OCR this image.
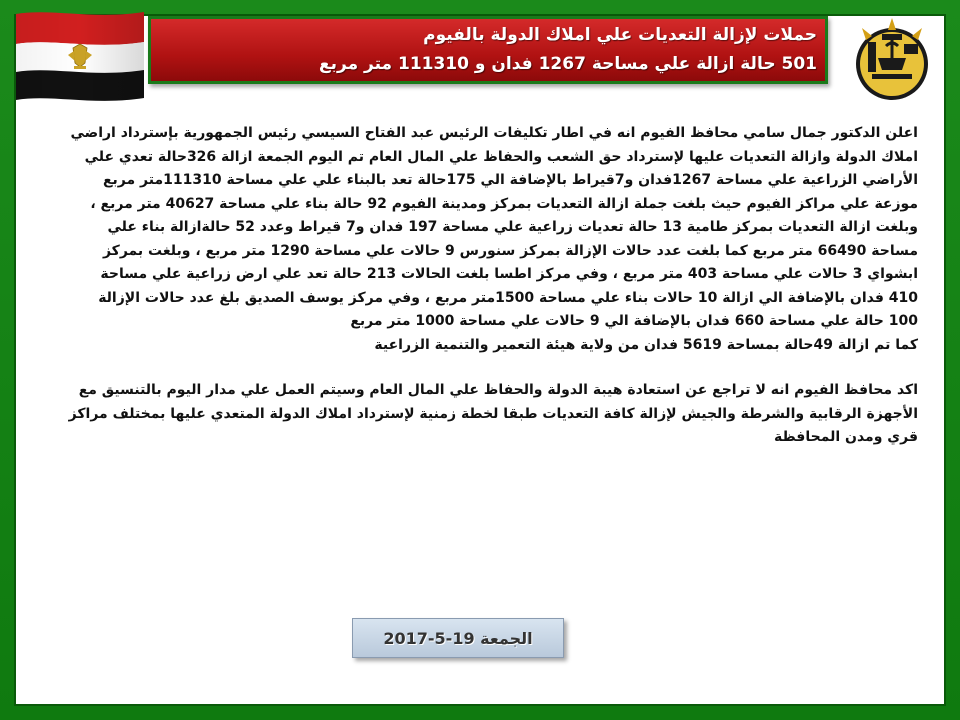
حملات لإزالة التعديات علي املاك الدولة بالفيوم
501 حالة ازالة علي مساحة 1267 فدان و 111310 متر مربع

اعلن الدكتور جمال سامي محافظ الفيوم انه في اطار تكليفات الرئيس عبد الفتاح السيسي رئيس الجمهورية بإسترداد اراضي

املاك الدولة وازالة التعديات عليها لإسترداد حق الشعب والحفاظ علي المال العام تم اليوم الجمعة ازالة 326حالة تعدي علي

الأراضي الزراعية علي مساحة 1267فدان و7قيراط بالإضافة الي 175حالة تعد بالبناء علي علي مساحة 111310متر مربع

موزعة علي مراكز الفيوم حيث بلغت جملة ازالة التعديات بمركز ومدينة الفيوم 92 حالة بناء علي مساحة 40627 متر مربع ،

وبلغت ازالة التعديات بمركز طامية 13 حالة تعديات زراعية علي مساحة 197 فدان و7 قيراط وعدد 52 حالةازالة بناء علي

مساحة 66490 متر مربع كما بلغت عدد حالات الإزالة بمركز سنورس 9 حالات علي مساحة 1290 متر مربع ، وبلغت بمركز

ابشواي 3 حالات علي مساحة 403 متر مربع ، وفي مركز اطسا بلغت الحالات 213 حالة تعد علي ارض زراعية علي مساحة

410 فدان بالإضافة الي ازالة 10 حالات بناء علي مساحة 1500متر مربع ، وفي مركز يوسف الصديق بلغ عدد حالات الإزالة

100 حالة علي مساحة 660 فدان بالإضافة الي 9 حالات علي مساحة 1000 متر مربع

كما تم ازالة 49حالة بمساحة 5619 فدان من ولاية هيئة التعمير والتنمية الزراعية

اكد محافظ الفيوم انه لا تراجع عن استعادة هيبة الدولة والحفاظ علي المال العام وسيتم العمل علي مدار اليوم بالتنسيق مع

الأجهزة الرقابية والشرطة والجيش لإزالة كافة التعديات طبقا لخطة زمنية لإسترداد املاك الدولة المتعدي عليها بمختلف مراكز

قري ومدن المحافظة

الجمعة 19-5-2017
